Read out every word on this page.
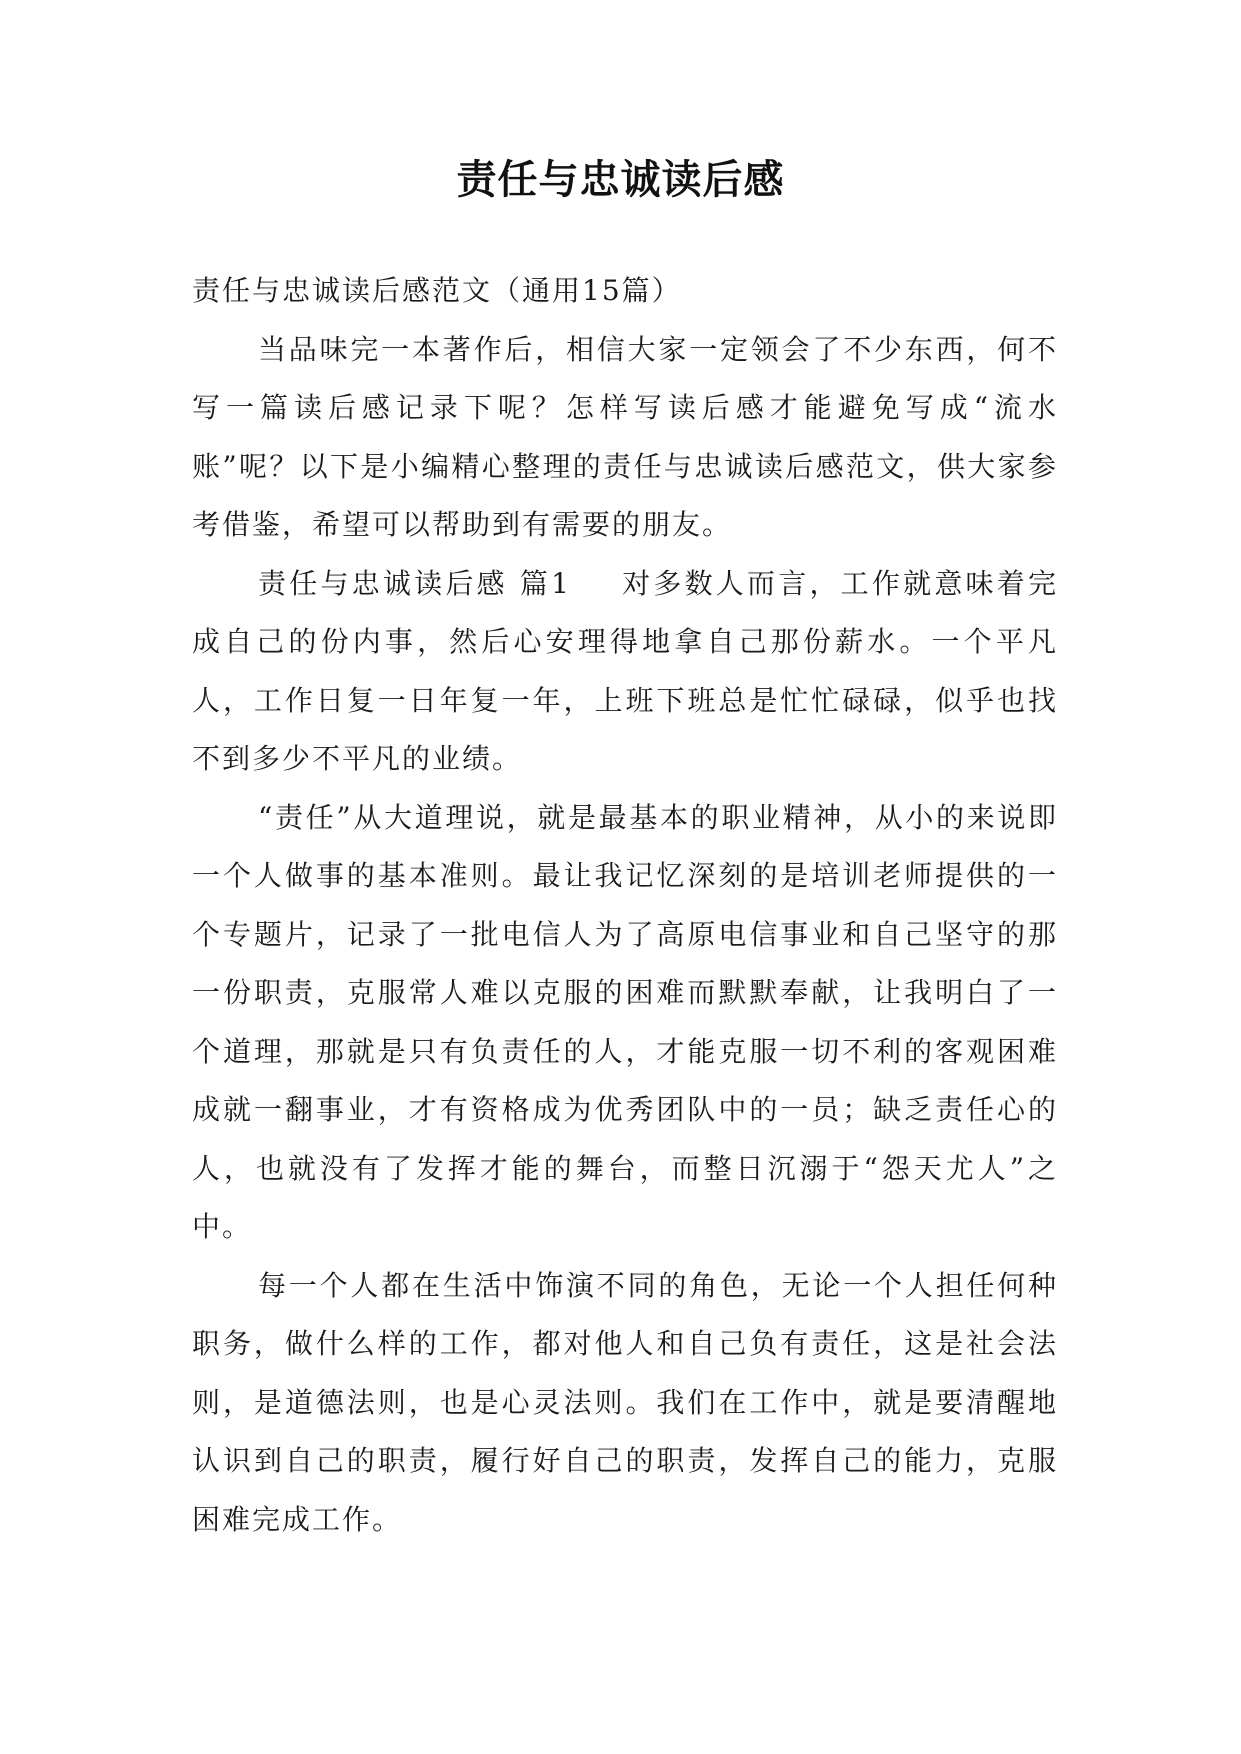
责任与忠诚读后感

责任与忠诚读后感范文（通用15篇）

当品味完一本著作后，相信大家一定领会了不少东西，何不写一篇读后感记录下呢？怎样写读后感才能避免写成“流水账”呢？以下是小编精心整理的责任与忠诚读后感范文，供大家参考借鉴，希望可以帮助到有需要的朋友。

责任与忠诚读后感 篇1 对多数人而言，工作就意味着完成自己的份内事，然后心安理得地拿自己那份薪水。一个平凡人，工作日复一日年复一年，上班下班总是忙忙碌碌，似乎也找不到多少不平凡的业绩。

“责任”从大道理说，就是最基本的职业精神，从小的来说即一个人做事的基本准则。最让我记忆深刻的是培训老师提供的一个专题片，记录了一批电信人为了高原电信事业和自己坚守的那一份职责，克服常人难以克服的困难而默默奉献，让我明白了一个道理，那就是只有负责任的人，才能克服一切不利的客观困难成就一翻事业，才有资格成为优秀团队中的一员；缺乏责任心的人，也就没有了发挥才能的舞台，而整日沉溺于“怨天尤人”之中。

每一个人都在生活中饰演不同的角色，无论一个人担任何种职务，做什么样的工作，都对他人和自己负有责任，这是社会法则，是道德法则，也是心灵法则。我们在工作中，就是要清醒地认识到自己的职责，履行好自己的职责，发挥自己的能力，克服困难完成工作。
